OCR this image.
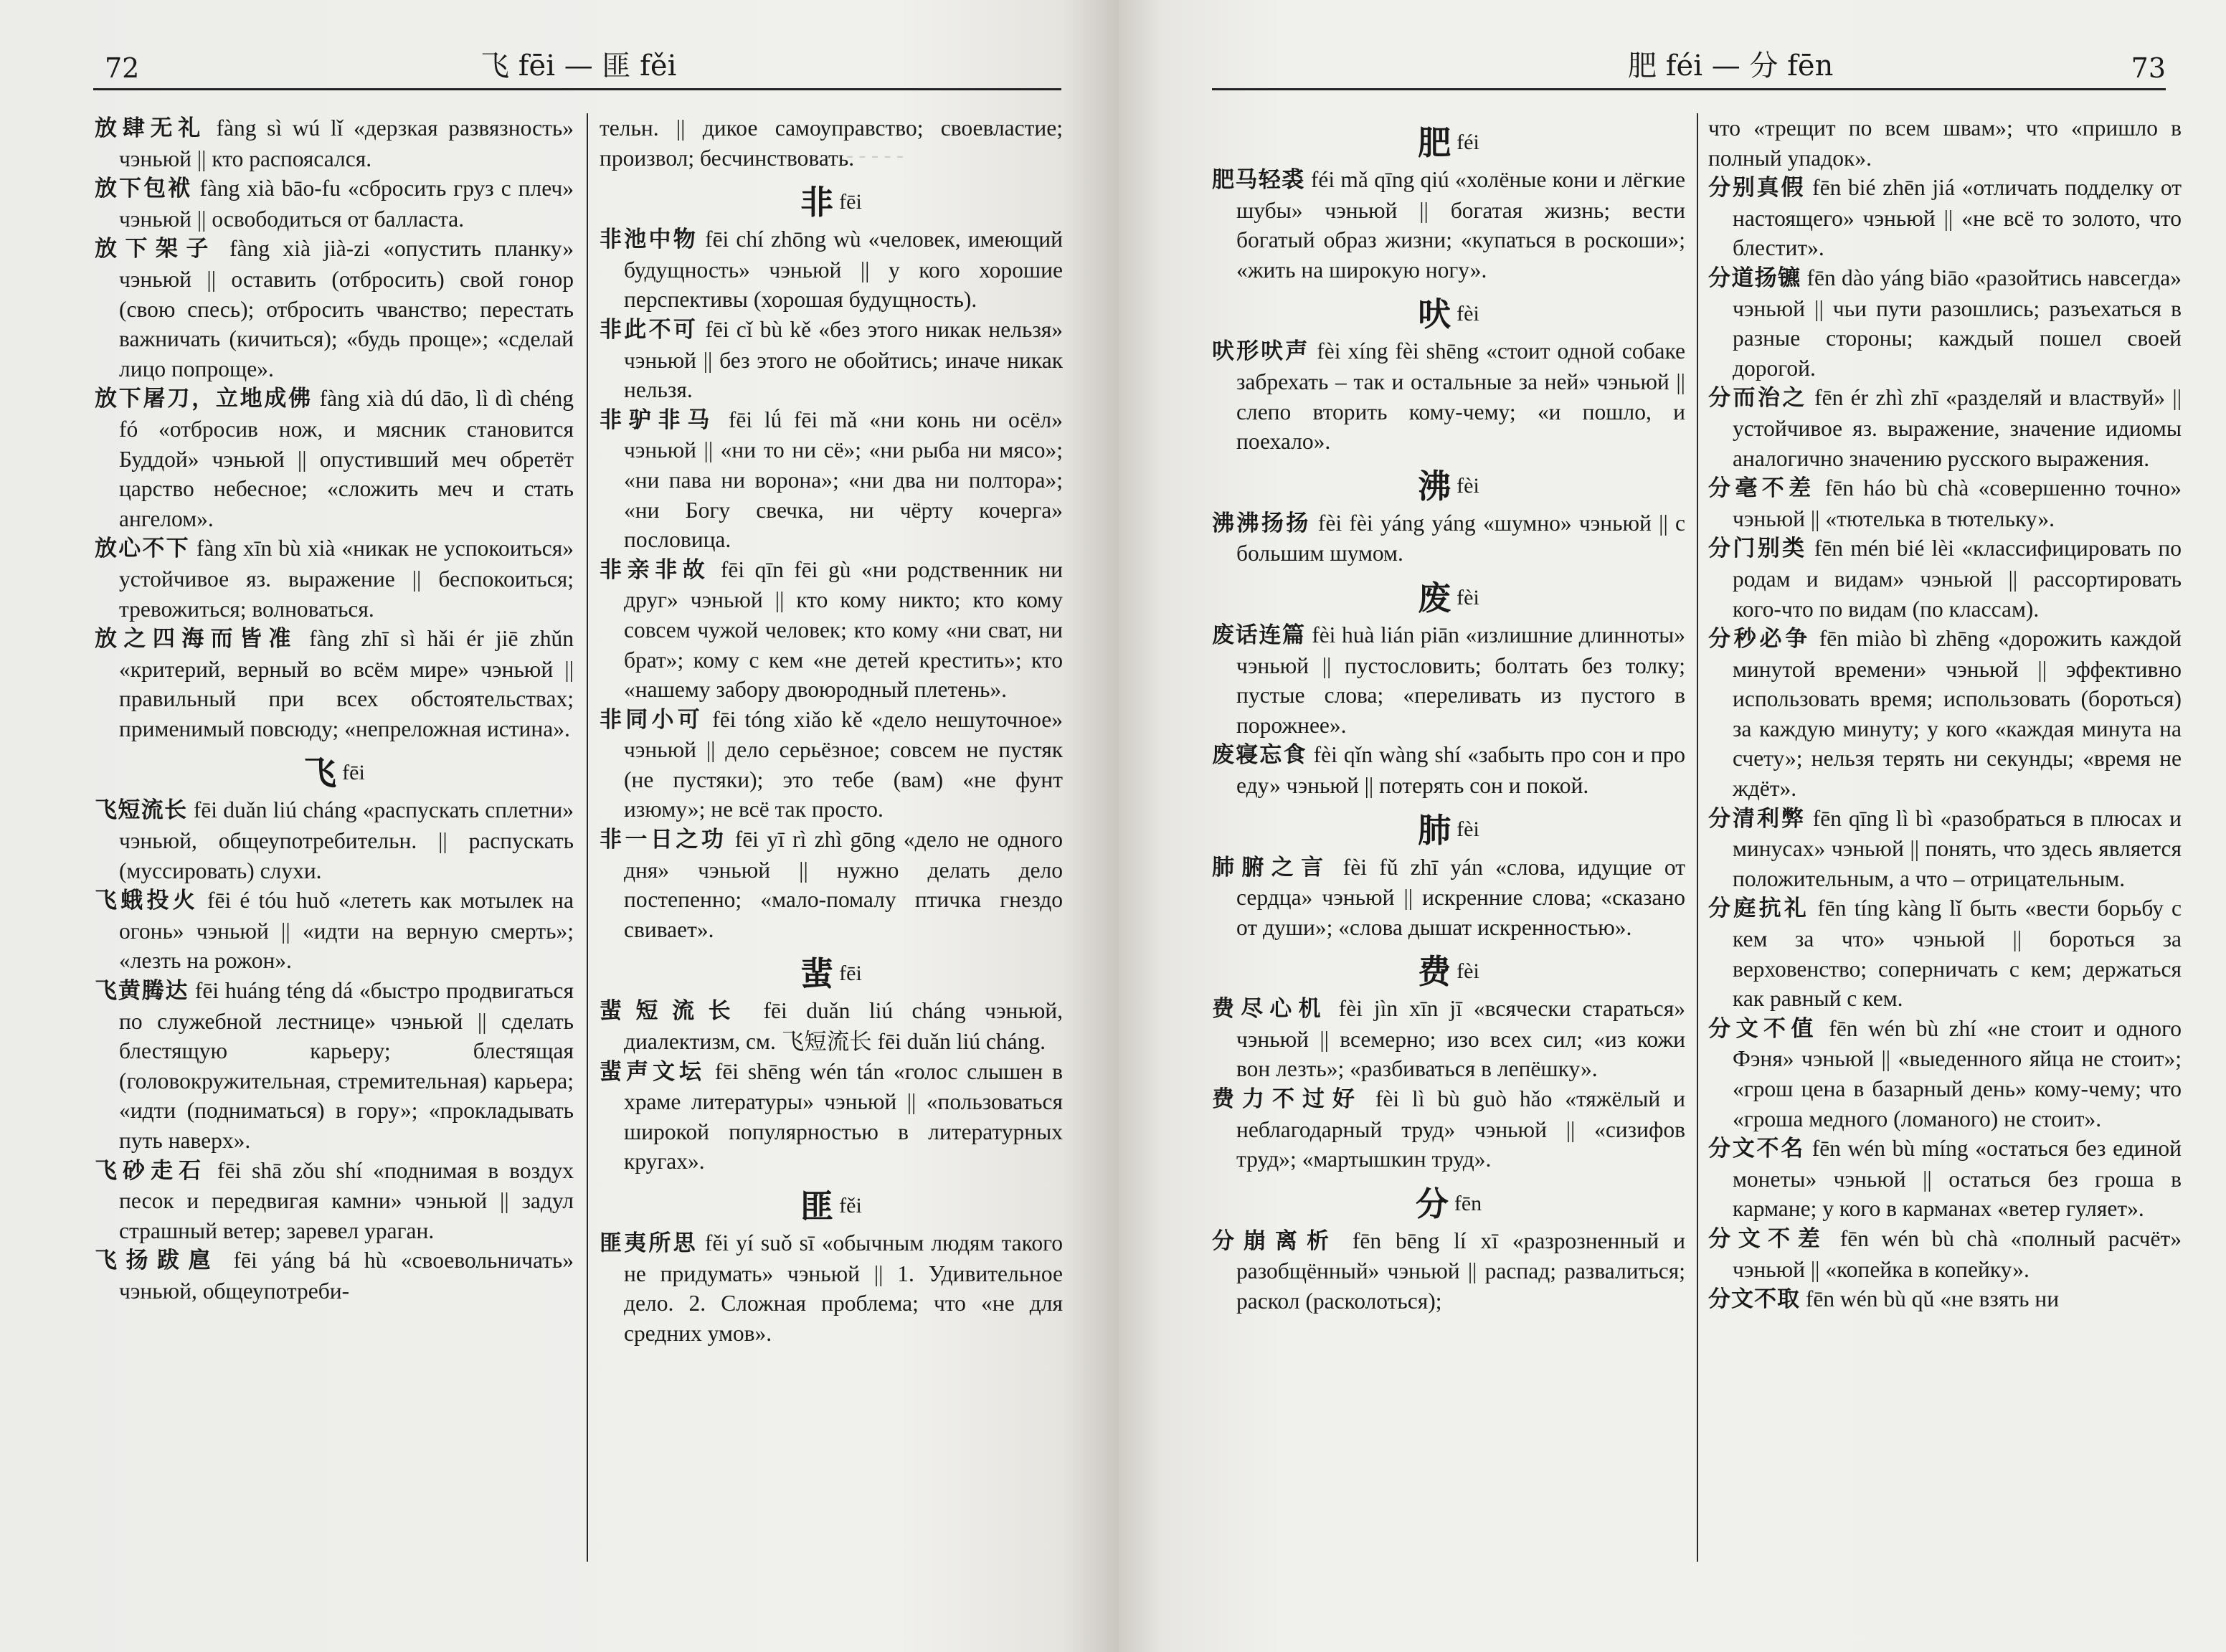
72	飞 fēi — 匪 fěi

放肆无礼 fàng sì wú lǐ «дерзкая развязность» чэньюй || кто распоясался.

放下包袱 fàng xià bāo-fu «сбросить груз с плеч» чэньюй || освободиться от балласта.

放下架子 fàng xià jià-zi «опустить планку» чэньюй || оставить (отбросить) свой гонор (свою спесь); отбросить чванство; перестать важничать (кичиться); «будь проще»; «сделай лицо попроще».

放下屠刀，立地成佛 fàng xià dú dāo, lì dì chéng fó «отбросив нож, и мясник становится Буддой» чэньюй || опустивший меч обретёт царство небесное; «сложить меч и стать ангелом».

放心不下 fàng xīn bù xià «никак не успокоиться» устойчивое яз. выражение || беспокоиться; тревожиться; волноваться.

放之四海而皆准 fàng zhī sì hǎi ér jiē zhǔn «критерий, верный во всём мире» чэньюй || правильный при всех обстоятельствах; применимый повсюду; «непреложная истина».

飞fēi

飞短流长 fēi duǎn liú cháng «распускать сплетни» чэньюй, общеупотребительн. || распускать (муссировать) слухи.

飞蛾投火 fēi é tóu huǒ «лететь как мотылек на огонь» чэньюй || «идти на верную смерть»; «лезть на рожон».

飞黄腾达 fēi huáng téng dá «быстро продвигаться по служебной лестнице» чэньюй || сделать блестящую карьеру; блестящая (головокружительная, стремительная) карьера; «идти (подниматься) в гору»; «прокладывать путь наверх».

飞砂走石 fēi shā zǒu shí «поднимая в воздух песок и передвигая камни» чэньюй || задул страшный ветер; заревел ураган.

飞扬跋扈 fēi yáng bá hù «своевольничать» чэньюй, общеупотреби-

тельн. || дикое самоуправство; своевластие; произвол; бесчинствовать.

非fēi

非池中物 fēi chí zhōng wù «человек, имеющий будущность» чэньюй || у кого хорошие перспективы (хорошая будущность).

非此不可 fēi cǐ bù kě «без этого никак нельзя» чэньюй || без этого не обойтись; иначе никак нельзя.

非驴非马 fēi lǘ fēi mǎ «ни конь ни осёл» чэньюй || «ни то ни сё»; «ни рыба ни мясо»; «ни пава ни ворона»; «ни два ни полтора»; «ни Богу свечка, ни чёрту кочерга» пословица.

非亲非故 fēi qīn fēi gù «ни родственник ни друг» чэньюй || кто кому никто; кто кому совсем чужой человек; кто кому «ни сват, ни брат»; кому с кем «не детей крестить»; кто «нашему забору двоюродный плетень».

非同小可 fēi tóng xiǎo kě «дело нешуточное» чэньюй || дело серьёзное; совсем не пустяк (не пустяки); это тебе (вам) «не фунт изюму»; не всё так просто.

非一日之功 fēi yī rì zhì gōng «дело не одного дня» чэньюй || нужно делать дело постепенно; «мало-помалу птичка гнездо свивает».

蜚fēi

蜚短流长 fēi duǎn liú cháng чэньюй, диалектизм, см. 飞短流长 fēi duǎn liú cháng.

蜚声文坛 fēi shēng wén tán «голос слышен в храме литературы» чэньюй || «пользоваться широкой популярностью в литературных кругах».

匪fěi

匪夷所思 fěi yí suǒ sī «обычным людям такого не придумать» чэньюй || 1. Удивительное дело. 2. Сложная проблема; что «не для средних умов».

- - - - -
肥 féi — 分 fēn	73
肥féi

肥马轻裘 féi mǎ qīng qiú «холёные кони и лёгкие шубы» чэньюй || богатая жизнь; вести богатый образ жизни; «купаться в роскоши»; «жить на широкую ногу».

吠fèi

吠形吠声 fèi xíng fèi shēng «стоит одной собаке забрехать – так и остальные за ней» чэньюй || слепо вторить кому-чему; «и пошло, и поехало».

沸fèi

沸沸扬扬 fèi fèi yáng yáng «шумно» чэньюй || с большим шумом.

废fèi

废话连篇 fèi huà lián piān «излишние длинноты» чэньюй || пустословить; болтать без толку; пустые слова; «переливать из пустого в порожнее».

废寝忘食 fèi qǐn wàng shí «забыть про сон и про еду» чэньюй || потерять сон и покой.

肺fèi

肺腑之言 fèi fǔ zhī yán «слова, идущие от сердца» чэньюй || искренние слова; «сказано от души»; «слова дышат искренностью».

费fèi

费尽心机 fèi jìn xīn jī «всячески стараться» чэньюй || всемерно; изо всех сил; «из кожи вон лезть»; «разбиваться в лепёшку».

费力不过好 fèi lì bù guò hǎo «тяжёлый и неблагодарный труд» чэньюй || «сизифов труд»; «мартышкин труд».

分fēn

分崩离析 fēn bēng lí xī «разрозненный и разобщённый» чэньюй || распад; развалиться; раскол (расколоться);

что «трещит по всем швам»; что «пришло в полный упадок».

分别真假 fēn bié zhēn jiá «отличать подделку от настоящего» чэньюй || «не всё то золото, что блестит».

分道扬镳 fēn dào yáng biāo «разойтись навсегда» чэньюй || чьи пути разошлись; разъехаться в разные стороны; каждый пошел своей дорогой.

分而治之 fēn ér zhì zhī «разделяй и властвуй» || устойчивое яз. выражение, значение идиомы аналогично значению русского выражения.

分毫不差 fēn háo bù chà «совершенно точно» чэньюй || «тютелька в тютельку».

分门别类 fēn mén bié lèi «классифицировать по родам и видам» чэньюй || рассортировать кого-что по видам (по классам).

分秒必争 fēn miào bì zhēng «дорожить каждой минутой времени» чэньюй || эффективно использовать время; использовать (бороться) за каждую минуту; у кого «каждая минута на счету»; нельзя терять ни секунды; «время не ждёт».

分清利弊 fēn qīng lì bì «разобраться в плюсах и минусах» чэньюй || понять, что здесь является положительным, а что – отрицательным.

分庭抗礼 fēn tíng kàng lǐ быть «вести борьбу с кем за что» чэньюй || бороться за верховенство; соперничать с кем; держаться как равный с кем.

分文不值 fēn wén bù zhí «не стоит и одного Фэня» чэньюй || «выеденного яйца не стоит»; «грош цена в базарный день» кому-чему; что «гроша медного (ломаного) не стоит».

分文不名 fēn wén bù míng «остаться без единой монеты» чэньюй || остаться без гроша в кармане; у кого в карманах «ветер гуляет».

分文不差 fēn wén bù chà «полный расчёт» чэньюй || «копейка в копейку».

分文不取 fēn wén bù qǔ «не взять ни
